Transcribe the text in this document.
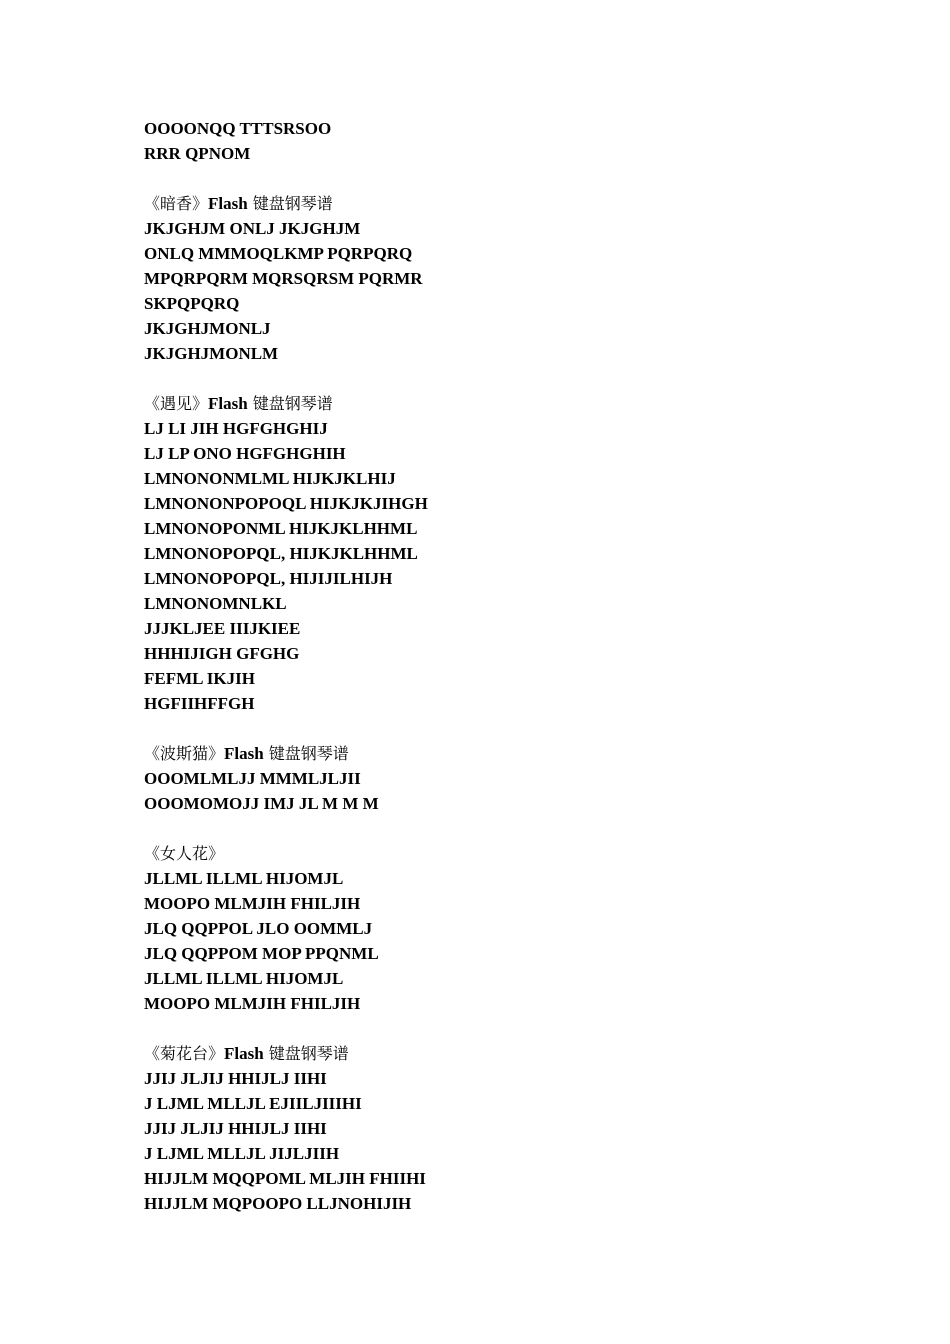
OOOONQQ TTTSRSOO
RRR QPNOM
《暗香》Flash 键盘钢琴谱
JKJGHJM ONLJ JKJGHJM
ONLQ MMMOQLKMP PQRPQRQ
MPQRPQRM MQRSQRSM PQRMR
SKPQPQRQ
JKJGHJMONLJ
JKJGHJMONLM
《遇见》Flash 键盘钢琴谱
LJ LI JIH HGFGHGHIJ
LJ LP ONO HGFGHGHIH
LMNONONMLML HIJKJKLHIJ
LMNONONPOPOQL HIJKJKJIHGH
LMNONOPONML HIJKJKLHHML
LMNONOPOPQL, HIJKJKLHHML
LMNONOPOPQL, HIJIJILHIJH
LMNONOMNLKL
JJJKLJEE IIIJKIEE
HHHIJIGH GFGHG
FEFML IKJIH
HGFIIHFFGH
《波斯猫》Flash 键盘钢琴谱
OOOMLMLJJ MMMLJLJII
OOOMOMOJJ IMJ JL M M M
《女人花》
JLLML ILLML HIJOMJL
MOOPO MLMJIH FHILJIH
JLQ QQPPOL JLO OOMMLJ
JLQ QQPPOM MOP PPQNML
JLLML ILLML HIJOMJL
MOOPO MLMJIH FHILJIH
《菊花台》Flash 键盘钢琴谱
JJIJ JLJIJ HHIJLJ IIHI
J LJML MLLJL EJIILJIIIHI
JJIJ JLJIJ HHIJLJ IIHI
J LJML MLLJL JIJLJIIH
HIJJLM MQQPOML MLJIH FHIIHI
HIJJLM MQPOOPO LLJNOHIJIH
